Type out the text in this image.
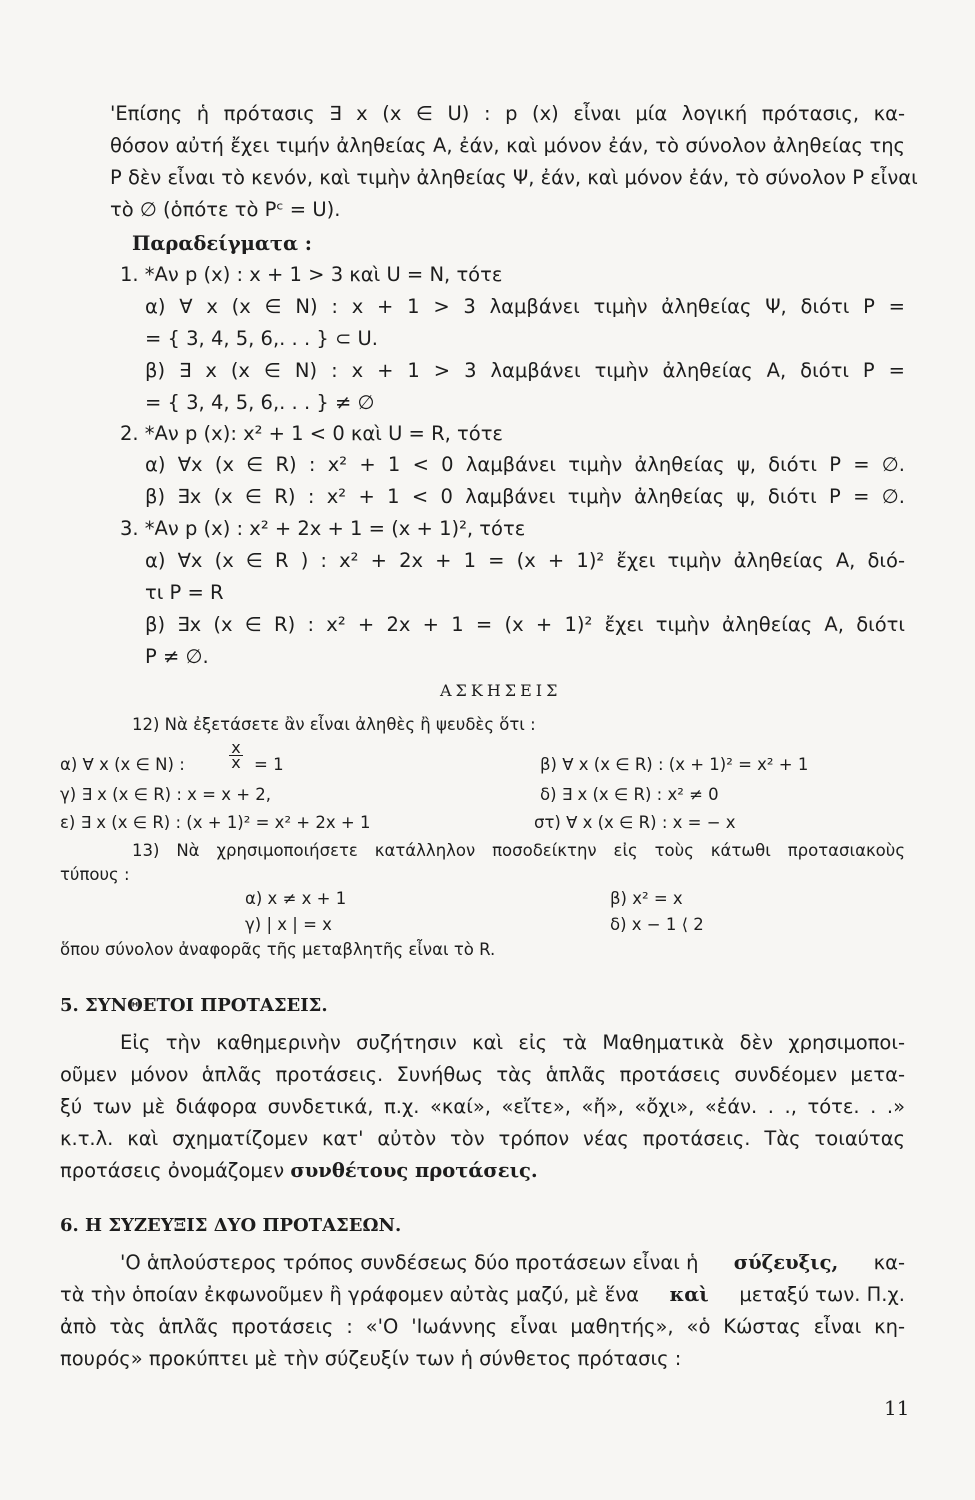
'Επίσης ἡ πρότασις ∃ x (x ∈ U) : p (x) εἶναι μία λογική πρότασις, κα-
θόσον αὐτή ἔχει τιμήν ἀληθείας Α, ἐάν, καὶ μόνον ἐάν, τὸ σύνολον ἀληθείας της
P δὲν εἶναι τὸ κενόν, καὶ τιμὴν ἀληθείας Ψ, ἐάν, καὶ μόνον ἐάν, τὸ σύνολον P εἶναι
τὸ ∅ (ὁπότε τὸ Pᶜ = U).
Παραδείγματα :
1. *Αν p (x) : x + 1 > 3 καὶ U = N, τότε
α) ∀ x (x ∈ N) : x + 1 > 3 λαμβάνει τιμὴν ἀληθείας Ψ, διότι P =
= { 3, 4, 5, 6,. . . } ⊂ U.
β) ∃ x (x ∈ N) : x + 1 > 3 λαμβάνει τιμὴν ἀληθείας Α, διότι P =
= { 3, 4, 5, 6,. . . } ≠ ∅
2. *Αν p (x): x² + 1 < 0 καὶ U = R, τότε
α) ∀x (x ∈ R) : x² + 1 < 0 λαμβάνει τιμὴν ἀληθείας ψ, διότι P = ∅.
β) ∃x (x ∈ R) : x² + 1 < 0 λαμβάνει τιμὴν ἀληθείας ψ, διότι P = ∅.
3. *Αν p (x) : x² + 2x + 1 = (x + 1)², τότε
α) ∀x (x ∈ R ) : x² + 2x + 1 = (x + 1)² ἔχει τιμὴν ἀληθείας Α, διό-
τι P = R
β) ∃x (x ∈ R) : x² + 2x + 1 = (x + 1)² ἔχει τιμὴν ἀληθείας Α, διότι
P ≠ ∅.
ΑΣΚΗΣΕΙΣ
12) Νὰ ἐξετάσετε ἂν εἶναι ἀληθὲς ἢ ψευδὲς ὅτι :
α) ∀ x (x ∈ N) :
x
x = 1	β) ∀ x (x ∈ R) : (x + 1)² = x² + 1
γ) ∃ x (x ∈ R) : x = x + 2,	δ) ∃ x (x ∈ R) : x² ≠ 0
ε) ∃ x (x ∈ R) : (x + 1)² = x² + 2x + 1	στ) ∀ x (x ∈ R) : x = − x
13) Νὰ χρησιμοποιήσετε κατάλληλον ποσοδείκτην εἰς τοὺς κάτωθι προτασιακοὺς
τύπους :
α) x ≠ x + 1	β) x² = x
γ) | x | = x	δ) x − 1 ⟨ 2
ὅπου σύνολον ἀναφορᾶς τῆς μεταβλητῆς εἶναι τὸ R.
5. ΣΥΝΘΕΤΟΙ ΠΡΟΤΑΣΕΙΣ.
Εἰς τὴν καθημερινὴν συζήτησιν καὶ εἰς τὰ Μαθηματικὰ δὲν χρησιμοποι-
οῦμεν μόνον ἁπλᾶς προτάσεις. Συνήθως τὰς ἁπλᾶς προτάσεις συνδέομεν μετα-
ξύ των μὲ διάφορα συνδετικά, π.χ. «καί», «εἴτε», «ἤ», «ὄχι», «ἐάν. . ., τότε. . .»
κ.τ.λ. καὶ σχηματίζομεν κατ' αὐτὸν τὸν τρόπον νέας προτάσεις. Τὰς τοιαύτας
προτάσεις ὀνομάζομεν συνθέτους προτάσεις.
6. Η ΣΥΖΕΥΞΙΣ ΔΥΟ ΠΡΟΤΑΣΕΩΝ.
'Ο ἁπλούστερος τρόπος συνδέσεως δύο προτάσεων εἶναι ἡ σύζευξις, κα-
τὰ τὴν ὁποίαν ἐκφωνοῦμεν ἢ γράφομεν αὐτὰς μαζύ, μὲ ἕνα καὶ μεταξύ των. Π.χ.
ἀπὸ τὰς ἁπλᾶς προτάσεις : «'Ο 'Ιωάννης εἶναι μαθητής», «ὁ Κώστας εἶναι κη-
πουρός» προκύπτει μὲ τὴν σύζευξίν των ἡ σύνθετος πρότασις :
11
